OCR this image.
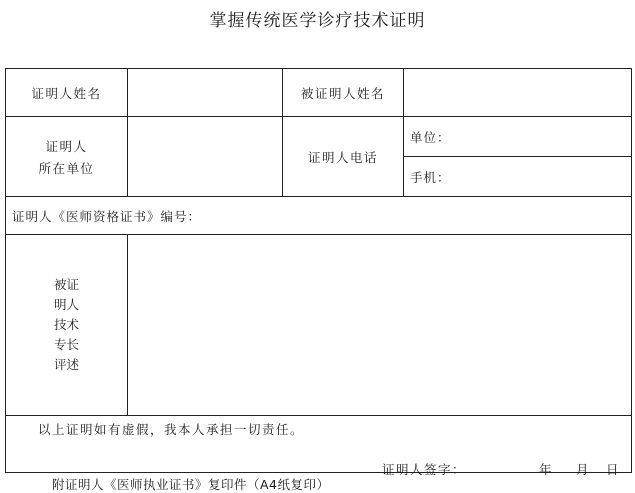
掌握传统医学诊疗技术证明
证明人姓名		被证明人姓名	

证明人
所在单位		证明人电话	单位：
			手机：
证明人《医师资格证书》编号：			

被证
明人
技术
专长
评述			

以上证明如有虚假，我本人承担一切责任。
证明人签字： 年 月 日			
附证明人《医师执业证书》复印件（A4纸复印）
